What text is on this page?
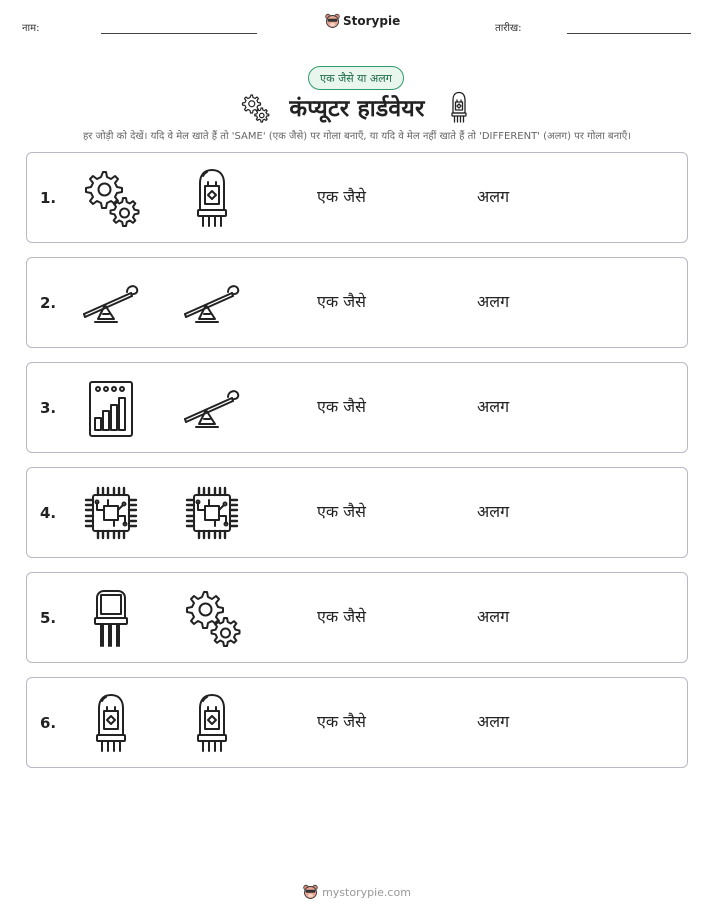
नाम:
Storypie
तारीख:
एक जैसे या अलग
कंप्यूटर हार्डवेयर
हर जोड़ी को देखें। यदि वे मेल खाते हैं तो 'SAME' (एक जैसे) पर गोला बनाएँ, या यदि वे मेल नहीं खाते हैं तो 'DIFFERENT' (अलग) पर गोला बनाएँ।
1.	एक जैसे	अलग
2.	एक जैसे	अलग
3.	एक जैसे	अलग
4.	एक जैसे	अलग
5.	एक जैसे	अलग
6.	एक जैसे	अलग
mystorypie.com
